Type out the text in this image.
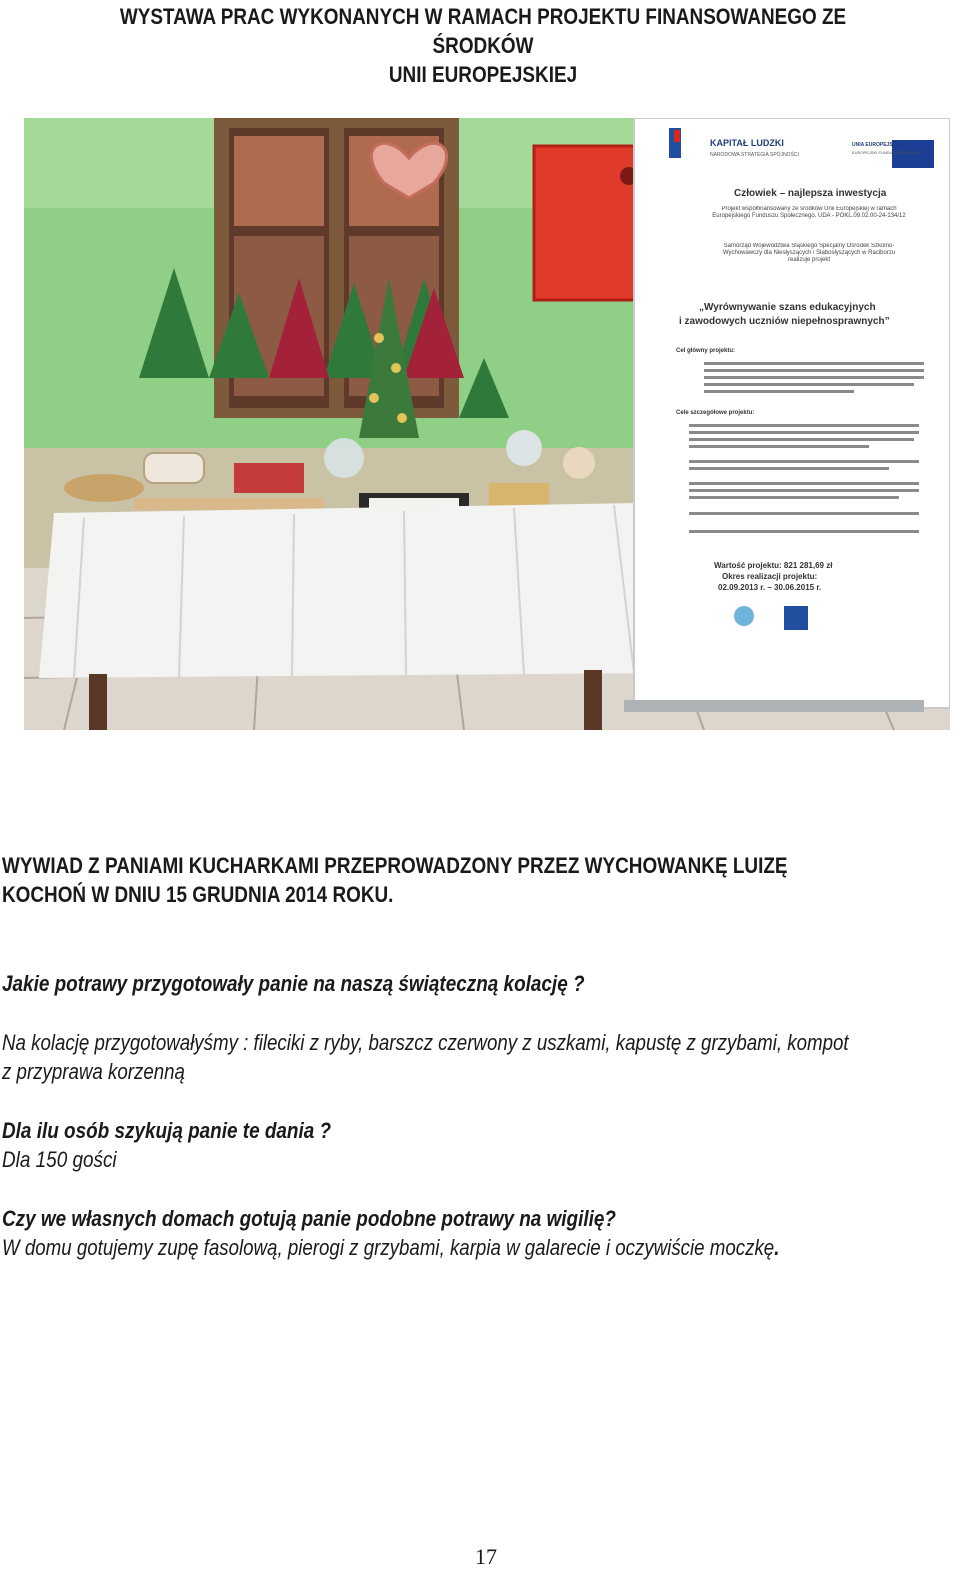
WYSTAWA PRAC WYKONANYCH W RAMACH PROJEKTU FINANSOWANEGO ZE ŚRODKÓW
UNII EUROPEJSKIEJ
KAPITAŁ LUDZKI
NARODOWA STRATEGIA SPÓJNOŚCI
UNIA EUROPEJSKA
EUROPEJSKI FUNDUSZ SPOŁECZNY
Człowiek – najlepsza inwestycja
Projekt współfinansowany ze środków Unii Europejskiej w ramach Europejskiego Funduszu Społecznego. UDA - POKL.09.02.00-24-134/12
Samorząd Województwa Śląskiego Specjalny Ośrodek Szkolno-Wychowawczy dla Niesłyszących i Słabosłyszących w Raciborzu realizuje projekt
„Wyrównywanie szans edukacyjnych
i zawodowych uczniów niepełnosprawnych”
Cel główny projektu:
Cele szczegółowe projektu:
Wartość projektu: 821 281,69 zł
Okres realizacji projektu:
02.09.2013 r. – 30.06.2015 r.
WYWIAD Z PANIAMI KUCHARKAMI PRZEPROWADZONY PRZEZ WYCHOWANKĘ LUIZĘ
KOCHOŃ W DNIU 15 GRUDNIA 2014 ROKU.
Jakie potrawy przygotowały panie na naszą świąteczną kolację ?
Na kolację przygotowałyśmy : fileciki z ryby, barszcz czerwony z uszkami, kapustę z grzybami, kompot
z przyprawa korzenną
Dla ilu osób szykują panie te dania ?
Dla 150 gości
Czy we własnych domach gotują panie podobne potrawy na wigilię?
W domu gotujemy zupę fasolową, pierogi z grzybami, karpia w galarecie i oczywiście moczkę.
17
